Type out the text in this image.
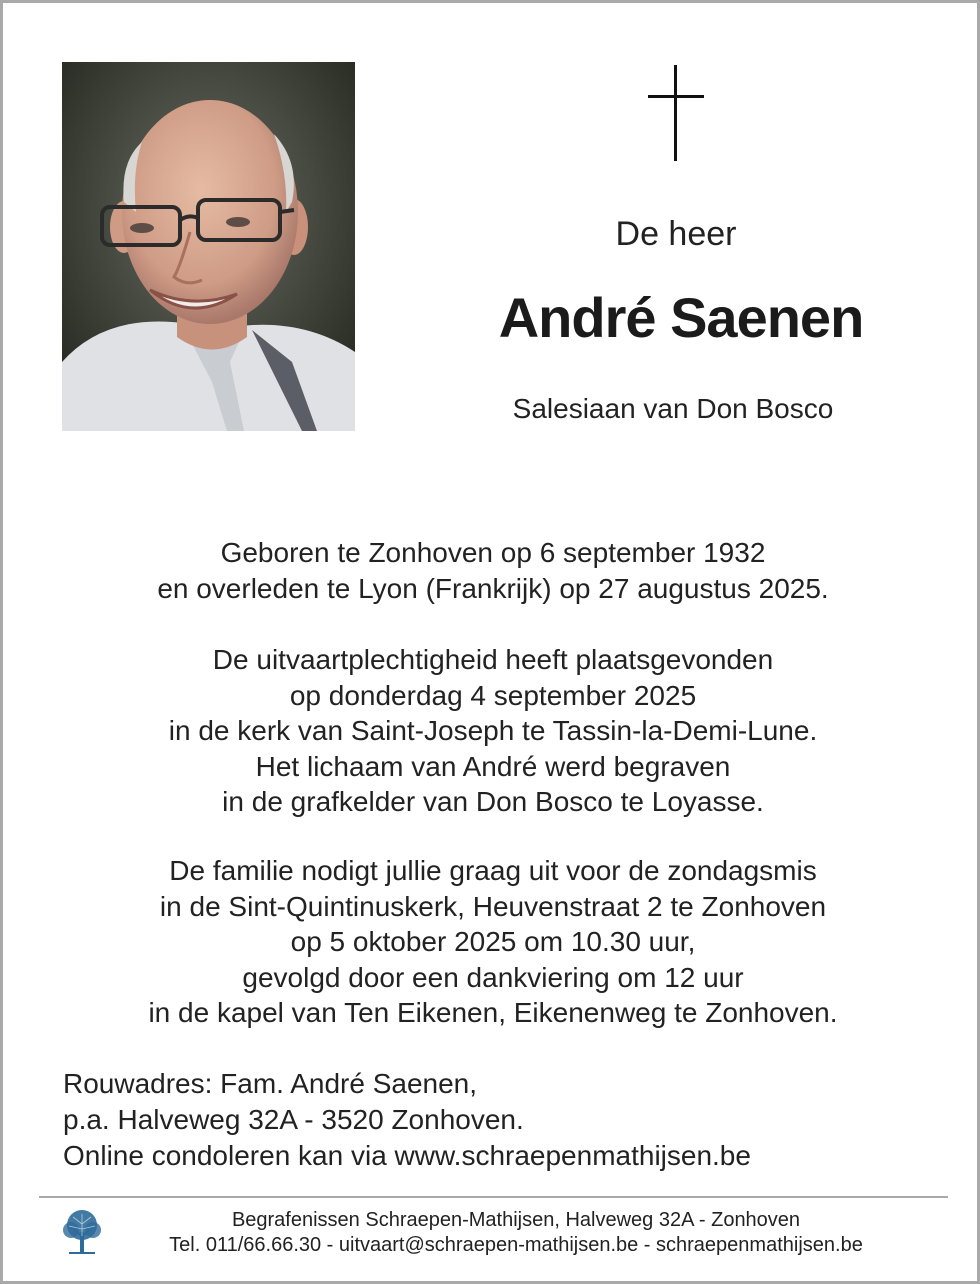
De heer
André Saenen
Salesiaan van Don Bosco
Geboren te Zonhoven op 6 september 1932
en overleden te Lyon (Frankrijk) op 27 augustus 2025.
De uitvaartplechtigheid heeft plaatsgevonden
op donderdag 4 september 2025
in de kerk van Saint-Joseph te Tassin-la-Demi-Lune.
Het lichaam van André werd begraven
in de grafkelder van Don Bosco te Loyasse.
De familie nodigt jullie graag uit voor de zondagsmis
in de Sint-Quintinuskerk, Heuvenstraat 2 te Zonhoven
op 5 oktober 2025 om 10.30 uur,
gevolgd door een dankviering om 12 uur
in de kapel van Ten Eikenen, Eikenenweg te Zonhoven.
Rouwadres: Fam. André Saenen,
p.a. Halveweg 32A - 3520 Zonhoven.
Online condoleren kan via www.schraepenmathijsen.be
Begrafenissen Schraepen-Mathijsen, Halveweg 32A - Zonhoven
Tel. 011/66.66.30 - uitvaart@schraepen-mathijsen.be - schraepenmathijsen.be
